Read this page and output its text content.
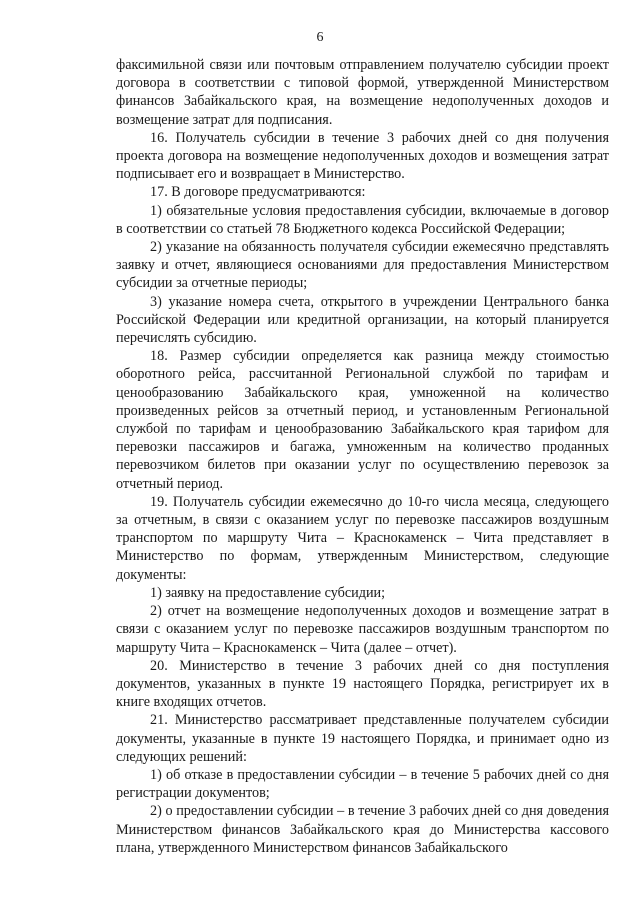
6

факсимильной связи или почтовым отправлением получателю субсидии проект договора в соответствии с типовой формой, утвержденной Министерством финансов Забайкальского края, на возмещение недополученных доходов и возмещение затрат для подписания.

16. Получатель субсидии в течение 3 рабочих дней со дня получения проекта договора на возмещение недополученных доходов и возмещения затрат подписывает его и возвращает в Министерство.

17. В договоре предусматриваются:

1) обязательные условия предоставления субсидии, включаемые в договор в соответствии со статьей 78 Бюджетного кодекса Российской Федерации;

2) указание на обязанность получателя субсидии ежемесячно представлять заявку и отчет, являющиеся основаниями для предоставления Министерством субсидии за отчетные периоды;

3) указание номера счета, открытого в учреждении Центрального банка Российской Федерации или кредитной организации, на который планируется перечислять субсидию.

18. Размер субсидии определяется как разница между стоимостью оборотного рейса, рассчитанной Региональной службой по тарифам и ценообразованию Забайкальского края, умноженной на количество произведенных рейсов за отчетный период, и установленным Региональной службой по тарифам и ценообразованию Забайкальского края тарифом для перевозки пассажиров и багажа, умноженным на количество проданных перевозчиком билетов при оказании услуг по осуществлению перевозок за отчетный период.

19. Получатель субсидии ежемесячно до 10-го числа месяца, следующего за отчетным, в связи с оказанием услуг по перевозке пассажиров воздушным транспортом по маршруту Чита – Краснокаменск – Чита представляет в Министерство по формам, утвержденным Министерством, следующие документы:

1) заявку на предоставление субсидии;

2) отчет на возмещение недополученных доходов и возмещение затрат в связи с оказанием услуг по перевозке пассажиров воздушным транспортом по маршруту Чита – Краснокаменск – Чита (далее – отчет).

20. Министерство в течение 3 рабочих дней со дня поступления документов, указанных в пункте 19 настоящего Порядка, регистрирует их в книге входящих отчетов.

21. Министерство рассматривает представленные получателем субсидии документы, указанные в пункте 19 настоящего Порядка, и принимает одно из следующих решений:

1) об отказе в предоставлении субсидии – в течение 5 рабочих дней со дня регистрации документов;

2) о предоставлении субсидии – в течение 3 рабочих дней со дня доведения Министерством финансов Забайкальского края до Министерства кассового плана, утвержденного Министерством финансов Забайкальского
